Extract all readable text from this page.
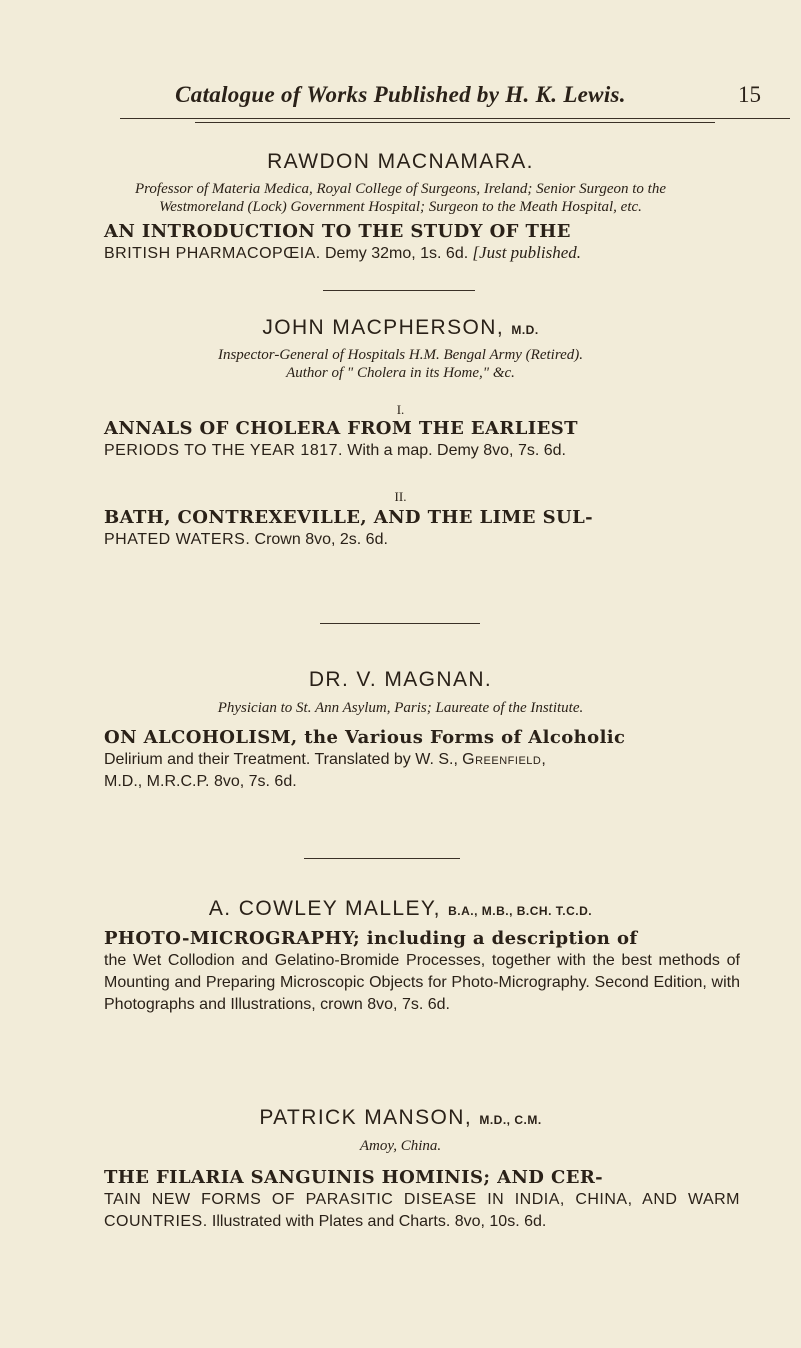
Catalogue of Works Published by H. K. Lewis.	15
RAWDON MACNAMARA.
Professor of Materia Medica, Royal College of Surgeons, Ireland; Senior Surgeon to the
Westmoreland (Lock) Government Hospital; Surgeon to the Meath Hospital, etc.
AN INTRODUCTION TO THE STUDY OF THE
BRITISH PHARMACOPŒIA. Demy 32mo, 1s. 6d. [Just published.
JOHN MACPHERSON, M.D.
Inspector-General of Hospitals H.M. Bengal Army (Retired).
Author of " Cholera in its Home," &c.
I.
ANNALS OF CHOLERA FROM THE EARLIEST
PERIODS TO THE YEAR 1817. With a map. Demy 8vo, 7s. 6d.
II.
BATH, CONTREXEVILLE, AND THE LIME SUL-
PHATED WATERS. Crown 8vo, 2s. 6d.
DR. V. MAGNAN.
Physician to St. Ann Asylum, Paris; Laureate of the Institute.
ON ALCOHOLISM, the Various Forms of Alcoholic
Delirium and their Treatment. Translated by W. S., Greenfield,
M.D., M.R.C.P. 8vo, 7s. 6d.
A. COWLEY MALLEY, B.A., M.B., B.CH. T.C.D.
PHOTO-MICROGRAPHY; including a description of
the Wet Collodion and Gelatino-Bromide Processes, together with the best methods of Mounting and Preparing Microscopic Objects for Photo-Micrography. Second Edition, with Photographs and Illustrations, crown 8vo, 7s. 6d.
PATRICK MANSON, M.D., C.M.
Amoy, China.
THE FILARIA SANGUINIS HOMINIS; AND CER-
TAIN NEW FORMS OF PARASITIC DISEASE IN INDIA, CHINA, AND WARM COUNTRIES. Illustrated with Plates and Charts. 8vo, 10s. 6d.
